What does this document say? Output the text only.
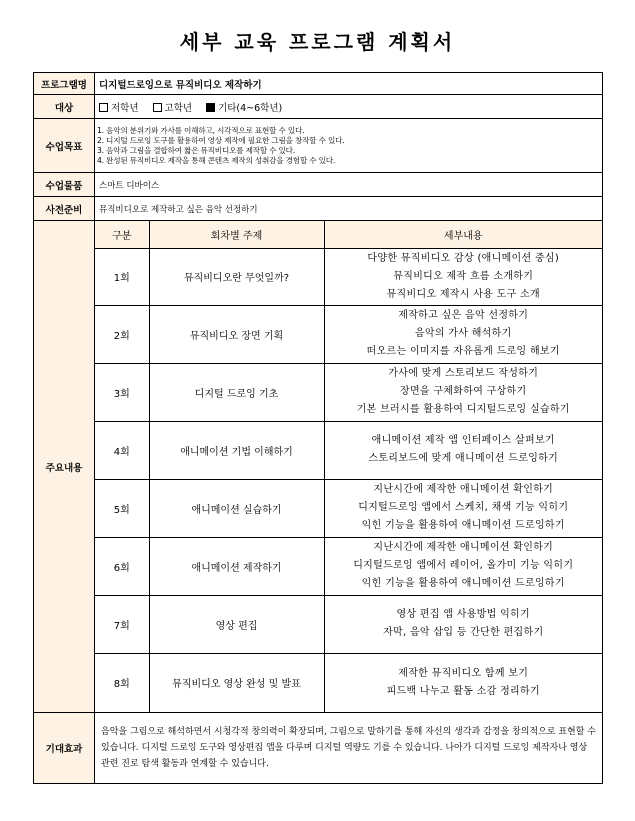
세부 교육 프로그램 계획서
프로그램명	디지털드로잉으로 뮤직비디오 제작하기
대상	저학년	고학년	기타(4~6학년)
수업목표	
1. 음악의 분위기와 가사를 이해하고, 시각적으로 표현할 수 있다.
2. 디지털 드로잉 도구를 활용하여 영상 제작에 필요한 그림을 창작할 수 있다.
3. 음악과 그림을 결합하여 짧은 뮤직비디오를 제작할 수 있다.
4. 완성된 뮤직비디오 제작을 통해 콘텐츠 제작의 성취감을 경험할 수 있다.

수업물품	스마트 디바이스
사전준비	뮤직비디오로 제작하고 싶은 음악 선정하기
주요내용	
구분	회차별 주제	세부내용
1회	뮤직비디오란 무엇일까?	
다양한 뮤직비디오 감상 (애니메이션 중심)
뮤직비디오 제작 흐름 소개하기
뮤직비디오 제작시 사용 도구 소개

2회	뮤직비디오 장면 기획	
제작하고 싶은 음악 선정하기
음악의 가사 해석하기
떠오르는 이미지를 자유롭게 드로잉 해보기

3회	디지털 드로잉 기초	
가사에 맞게 스토리보드 작성하기
장면을 구체화하여 구상하기
기본 브러시를 활용하여 디지털드로잉 실습하기

4회	애니메이션 기법 이해하기	
애니메이션 제작 앱 인터페이스 살펴보기
스토리보드에 맞게 애니메이션 드로잉하기

5회	애니메이션 실습하기	
지난시간에 제작한 애니메이션 확인하기
디지털드로잉 앱에서 스케치, 채색 기능 익히기
익힌 기능을 활용하여 애니메이션 드로잉하기

6회	애니메이션 제작하기	
지난시간에 제작한 애니메이션 확인하기
디지털드로잉 앱에서 레이어, 올가미 기능 익히기
익힌 기능을 활용하여 애니메이션 드로잉하기

7회	영상 편집	
영상 편집 앱 사용방법 익히기
자막, 음악 삽입 등 간단한 편집하기

8회	뮤직비디오 영상 완성 및 발표	
제작한 뮤직비디오 함께 보기
피드백 나누고 활동 소감 정리하기

기대효과	음악을 그림으로 해석하면서 시청각적 창의력이 확장되며, 그림으로 말하기를 통해 자신의 생각과 감정을 창의적으로 표현할 수 있습니다. 디지털 드로잉 도구와 영상편집 앱을 다루며 디지털 역량도 기를 수 있습니다. 나아가 디지털 드로잉 제작자나 영상 관련 진로 탐색 활동과 연계할 수 있습니다.
